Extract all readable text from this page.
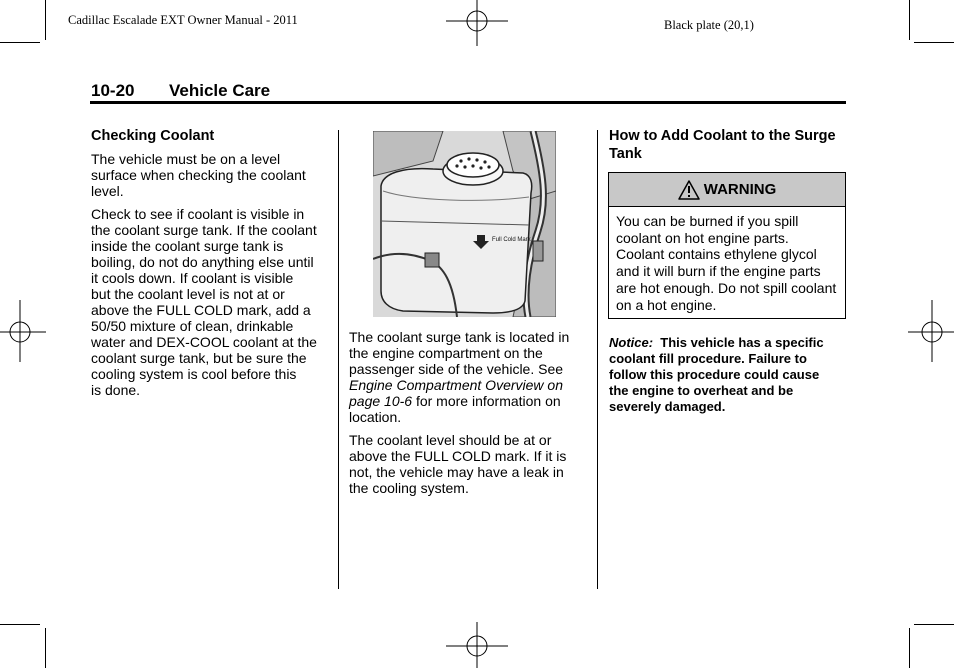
Cadillac Escalade EXT Owner Manual - 2011	Black plate (20,1)
10-20 Vehicle Care
Checking Coolant

The vehicle must be on a level surface when checking the coolant level.

Check to see if coolant is visible in
the coolant surge tank. If the coolant
inside the coolant surge tank is
boiling, do not do anything else until
it cools down. If coolant is visible
but the coolant level is not at or
above the FULL COLD mark, add a
50/50 mixture of clean, drinkable
water and DEX-COOL coolant at the
coolant surge tank, but be sure the
cooling system is cool before this
is done.
Full Cold Mark

The coolant surge tank is located in the engine compartment on the passenger side of the vehicle. See Engine Compartment Overview on page 10-6 for more information on location.

The coolant level should be at or above the FULL COLD mark. If it is not, the vehicle may have a leak in the cooling system.

How to Add Coolant to the Surge Tank
WARNING
You can be burned if you spill coolant on hot engine parts. Coolant contains ethylene glycol and it will burn if the engine parts are hot enough. Do not spill coolant on a hot engine.
Notice: This vehicle has a specific coolant fill procedure. Failure to follow this procedure could cause the engine to overheat and be severely damaged.
